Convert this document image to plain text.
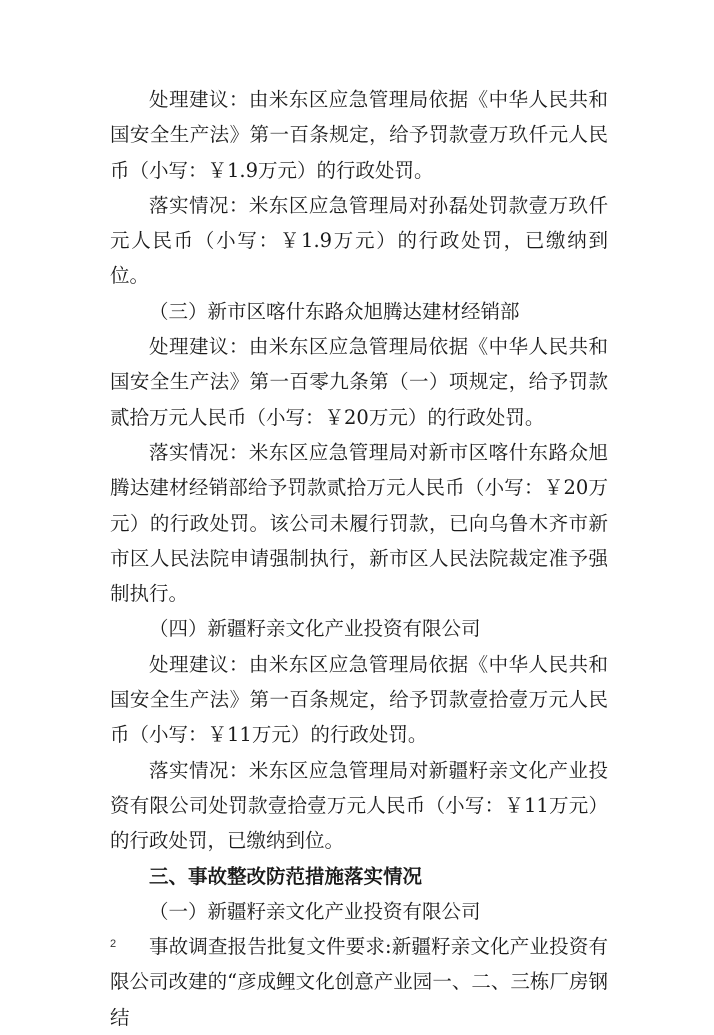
处理建议：由米东区应急管理局依据《中华人民共和国安全生产法》第一百条规定，给予罚款壹万玖仟元人民币（小写：￥1.9万元）的行政处罚。

落实情况：米东区应急管理局对孙磊处罚款壹万玖仟元人民币（小写：￥1.9万元）的行政处罚，已缴纳到位。

（三）新市区喀什东路众旭腾达建材经销部

处理建议：由米东区应急管理局依据《中华人民共和国安全生产法》第一百零九条第（一）项规定，给予罚款贰拾万元人民币（小写：￥20万元）的行政处罚。

落实情况：米东区应急管理局对新市区喀什东路众旭腾达建材经销部给予罚款贰拾万元人民币（小写：￥20万元）的行政处罚。该公司未履行罚款，已向乌鲁木齐市新市区人民法院申请强制执行，新市区人民法院裁定准予强制执行。

（四）新疆籽亲文化产业投资有限公司

处理建议：由米东区应急管理局依据《中华人民共和国安全生产法》第一百条规定，给予罚款壹拾壹万元人民币（小写：￥11万元）的行政处罚。

落实情况：米东区应急管理局对新疆籽亲文化产业投资有限公司处罚款壹拾壹万元人民币（小写：￥11万元）的行政处罚，已缴纳到位。

三、事故整改防范措施落实情况

（一）新疆籽亲文化产业投资有限公司

事故调查报告批复文件要求:新疆籽亲文化产业投资有限公司改建的“彦成鲤文化创意产业园一、二、三栋厂房钢结

2
